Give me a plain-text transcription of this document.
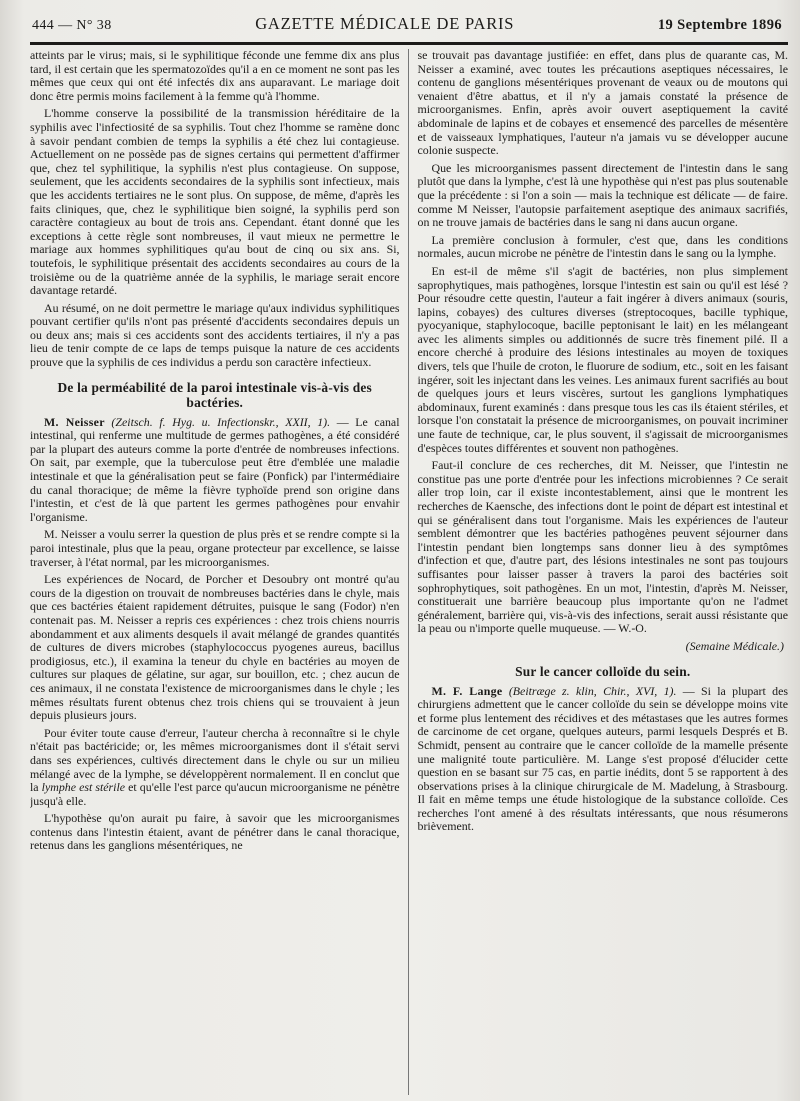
444 — N° 38	GAZETTE MÉDICALE DE PARIS	19 Septembre 1896

atteints par le virus; mais, si le syphilitique féconde une femme dix ans plus tard, il est certain que les spermatozoïdes qu'il a en ce moment ne sont pas les mêmes que ceux qui ont été infectés dix ans auparavant. Le mariage doit donc être permis moins facilement à la femme qu'à l'homme.

L'homme conserve la possibilité de la transmission héréditaire de la syphilis avec l'infectiosité de sa syphilis. Tout chez l'homme se ramène donc à savoir pendant combien de temps la syphilis a été chez lui contagieuse. Actuellement on ne possède pas de signes certains qui permettent d'affirmer que, chez tel syphilitique, la syphilis n'est plus contagieuse. On suppose, seulement, que les accidents secondaires de la syphilis sont infectieux, mais que les accidents tertiaires ne le sont plus. On suppose, de même, d'après les faits cliniques, que, chez le syphilitique bien soigné, la syphilis perd son caractère contagieux au bout de trois ans. Cependant. étant donné que les exceptions à cette règle sont nombreuses, il vaut mieux ne permettre le mariage aux hommes syphilitiques qu'au bout de cinq ou six ans. Si, toutefois, le syphilitique présentait des accidents secondaires au cours de la troisième ou de la quatrième année de la syphilis, le mariage serait encore davantage retardé.

Au résumé, on ne doit permettre le mariage qu'aux individus syphilitiques pouvant certifier qu'ils n'ont pas présenté d'accidents secondaires depuis un ou deux ans; mais si ces accidents sont des accidents tertiaires, il n'y a pas lieu de tenir compte de ce laps de temps puisque la nature de ces accidents prouve que la syphilis de ces individus a perdu son caractère infectieux.

De la perméabilité de la paroi intestinale vis-à-vis des bactéries.

M. Neisser (Zeitsch. f. Hyg. u. Infectionskr., XXII, 1). — Le canal intestinal, qui renferme une multitude de germes pathogènes, a été considéré par la plupart des auteurs comme la porte d'entrée de nombreuses infections. On sait, par exemple, que la tuberculose peut être d'emblée une maladie intestinale et que la généralisation peut se faire (Ponfick) par l'intermédiaire du canal thoracique; de même la fièvre typhoïde prend son origine dans l'intestin, et c'est de là que partent les germes pathogènes pour envahir l'organisme.

M. Neisser a voulu serrer la question de plus près et se rendre compte si la paroi intestinale, plus que la peau, organe protecteur par excellence, se laisse traverser, à l'état normal, par les microorganismes.

Les expériences de Nocard, de Porcher et Desoubry ont montré qu'au cours de la digestion on trouvait de nombreuses bactéries dans le chyle, mais que ces bactéries étaient rapidement détruites, puisque le sang (Fodor) n'en contenait pas. M. Neisser a repris ces expériences : chez trois chiens nourris abondamment et aux aliments desquels il avait mélangé de grandes quantités de cultures de divers microbes (staphylococcus pyogenes aureus, bacillus prodigiosus, etc.), il examina la teneur du chyle en bactéries au moyen de cultures sur plaques de gélatine, sur agar, sur bouillon, etc. ; chez aucun de ces animaux, il ne constata l'existence de microorganismes dans le chyle ; les mêmes résultats furent obtenus chez trois chiens qui se trouvaient à jeun depuis plusieurs jours.

Pour éviter toute cause d'erreur, l'auteur chercha à reconnaître si le chyle n'était pas bactéricide; or, les mêmes microorganismes dont il s'était servi dans ses expériences, cultivés directement dans le chyle ou sur un milieu mélangé avec de la lymphe, se développèrent normalement. Il en conclut que la lymphe est stérile et qu'elle l'est parce qu'aucun microorganisme ne pénètre jusqu'à elle.

L'hypothèse qu'on aurait pu faire, à savoir que les microorganismes contenus dans l'intestin étaient, avant de pénétrer dans le canal thoracique, retenus dans les ganglions mésentériques, ne

se trouvait pas davantage justifiée: en effet, dans plus de quarante cas, M. Neisser a examiné, avec toutes les précautions aseptiques nécessaires, le contenu de ganglions mésentériques provenant de veaux ou de moutons qui venaient d'être abattus, et il n'y a jamais constaté la présence de microorganismes. Enfin, après avoir ouvert aseptiquement la cavité abdominale de lapins et de cobayes et ensemencé des parcelles de mésentère et de vaisseaux lymphatiques, l'auteur n'a jamais vu se développer aucune colonie suspecte.

Que les microorganismes passent directement de l'intestin dans le sang plutôt que dans la lymphe, c'est là une hypothèse qui n'est pas plus soutenable que la précédente : si l'on a soin — mais la technique est délicate — de faire. comme M Neisser, l'autopsie parfaitement aseptique des animaux sacrifiés, on ne trouve jamais de bactéries dans le sang ni dans aucun organe.

La première conclusion à formuler, c'est que, dans les conditions normales, aucun microbe ne pénètre de l'intestin dans le sang ou la lymphe.

En est-il de même s'il s'agit de bactéries, non plus simplement saprophytiques, mais pathogènes, lorsque l'intestin est sain ou qu'il est lésé ? Pour résoudre cette questin, l'auteur a fait ingérer à divers animaux (souris, lapins, cobayes) des cultures diverses (streptocoques, bacille typhique, pyocyanique, staphylocoque, bacille peptonisant le lait) en les mélangeant avec les aliments simples ou additionnés de sucre très finement pilé. Il a encore cherché à produire des lésions intestinales au moyen de toxiques divers, tels que l'huile de croton, le fluorure de sodium, etc., soit en les faisant ingérer, soit les injectant dans les veines. Les animaux furent sacrifiés au bout de quelques jours et leurs viscères, surtout les ganglions lymphatiques abdominaux, furent examinés : dans presque tous les cas ils étaient stériles, et lorsque l'on constatait la présence de microorganismes, on pouvait incriminer une faute de technique, car, le plus souvent, il s'agissait de microorganismes d'espèces toutes différentes et souvent non pathogènes.

Faut-il conclure de ces recherches, dit M. Neisser, que l'intestin ne constitue pas une porte d'entrée pour les infections microbiennes ? Ce serait aller trop loin, car il existe incontestablement, ainsi que le montrent les recherches de Kaensche, des infections dont le point de départ est intestinal et qui se généralisent dans tout l'organisme. Mais les expériences de l'auteur semblent démontrer que les bactéries pathogènes peuvent séjourner dans l'intestin pendant bien longtemps sans donner lieu à des symptômes d'infection et que, d'autre part, des lésions intestinales ne sont pas toujours suffisantes pour laisser passer à travers la paroi des bactéries soit sophrophytiques, soit pathogènes. En un mot, l'intestin, d'après M. Neisser, constituerait une barrière beaucoup plus importante qu'on ne l'admet généralement, barrière qui, vis-à-vis des infections, serait aussi résistante que la peau ou n'importe quelle muqueuse. — W.-O.

(Semaine Médicale.)

Sur le cancer colloïde du sein.

M. F. Lange (Beitræge z. klin, Chir., XVI, 1). — Si la plupart des chirurgiens admettent que le cancer colloïde du sein se développe moins vite et forme plus lentement des récidives et des métastases que les autres formes de carcinome de cet organe, quelques auteurs, parmi lesquels Després et B. Schmidt, pensent au contraire que le cancer colloïde de la mamelle présente une malignité toute particulière. M. Lange s'est proposé d'élucider cette question en se basant sur 75 cas, en partie inédits, dont 5 se rapportent à des observations prises à la clinique chirurgicale de M. Madelung, à Strasbourg. Il fait en même temps une étude histologique de la substance colloïde. Ces recherches l'ont amené à des résultats intéressants, que nous résumerons brièvement.
